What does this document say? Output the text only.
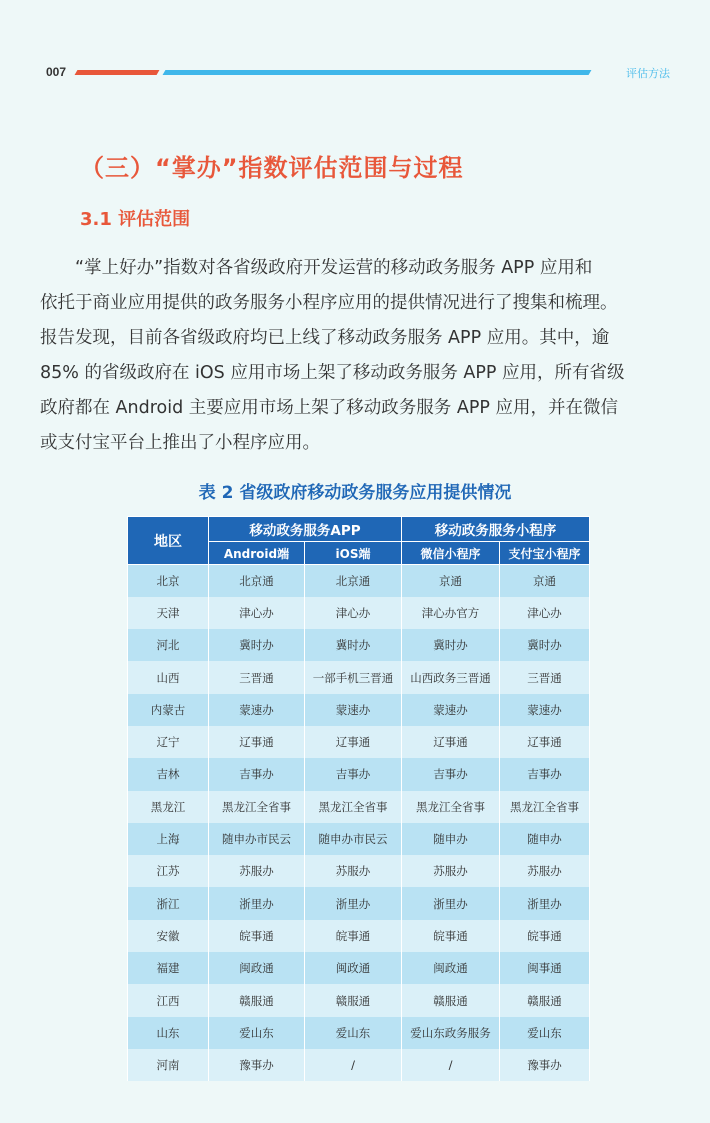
007	评估方法
（三）“掌办”指数评估范围与过程
3.1 评估范围
“掌上好办”指数对各省级政府开发运营的移动政务服务 APP 应用和
依托于商业应用提供的政务服务小程序应用的提供情况进行了搜集和梳理。
报告发现，目前各省级政府均已上线了移动政务服务 APP 应用。其中，逾
85% 的省级政府在 iOS 应用市场上架了移动政务服务 APP 应用，所有省级
政府都在 Android 主要应用市场上架了移动政务服务 APP 应用，并在微信
或支付宝平台上推出了小程序应用。
表 2 省级政府移动政务服务应用提供情况
地区	移动政务服务APP		移动政务服务小程序	
	Android端	iOS端	微信小程序	支付宝小程序
北京	北京通	北京通	京通	京通
天津	津心办	津心办	津心办官方	津心办
河北	冀时办	冀时办	冀时办	冀时办
山西	三晋通	一部手机三晋通	山西政务三晋通	三晋通
内蒙古	蒙速办	蒙速办	蒙速办	蒙速办
辽宁	辽事通	辽事通	辽事通	辽事通
吉林	吉事办	吉事办	吉事办	吉事办
黑龙江	黑龙江全省事	黑龙江全省事	黑龙江全省事	黑龙江全省事
上海	随申办市民云	随申办市民云	随申办	随申办
江苏	苏服办	苏服办	苏服办	苏服办
浙江	浙里办	浙里办	浙里办	浙里办
安徽	皖事通	皖事通	皖事通	皖事通
福建	闽政通	闽政通	闽政通	闽事通
江西	赣服通	赣服通	赣服通	赣服通
山东	爱山东	爱山东	爱山东政务服务	爱山东
河南	豫事办	/	/	豫事办
